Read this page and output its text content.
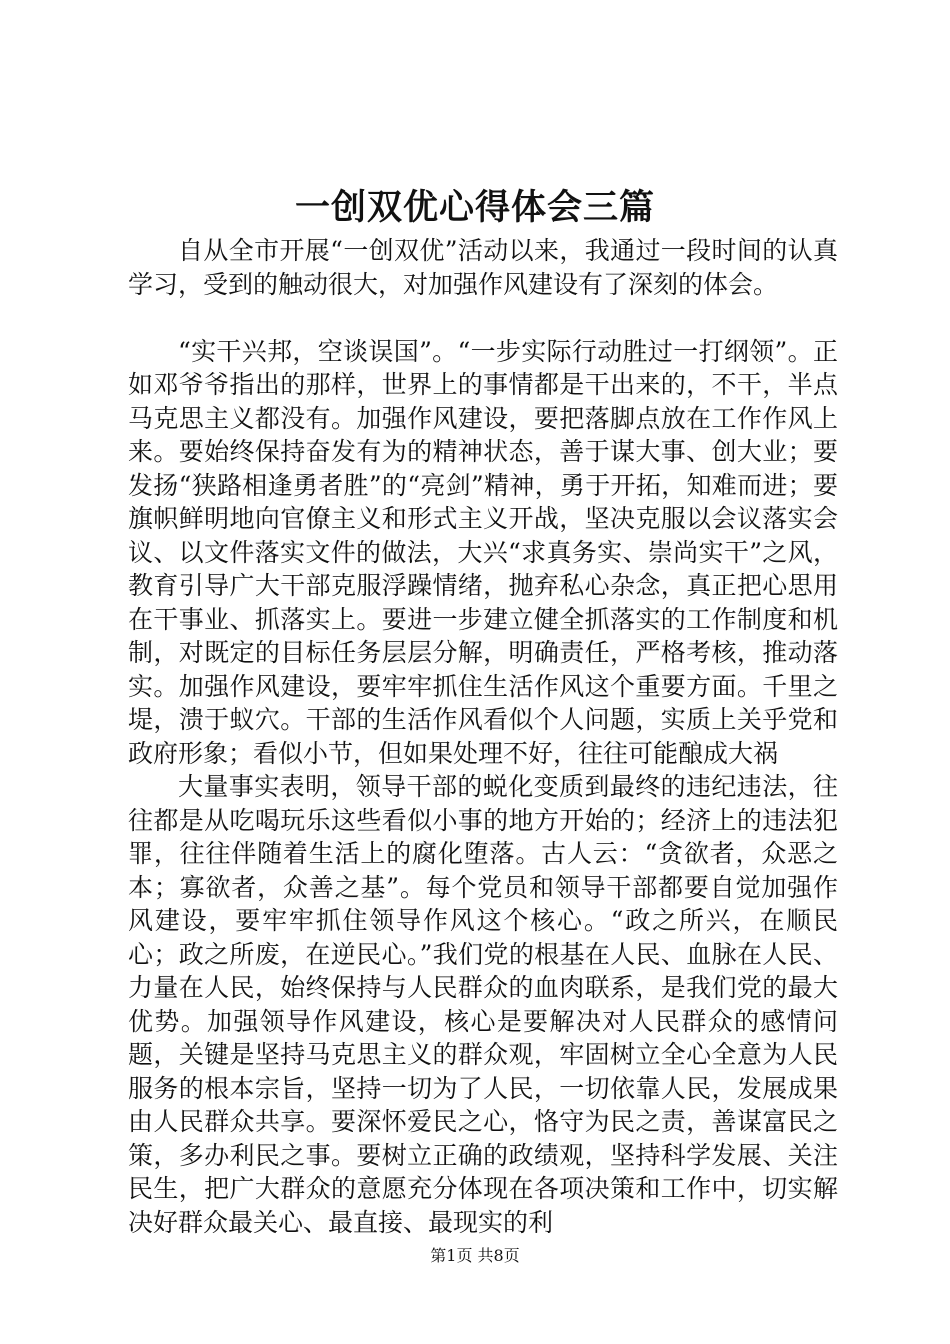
一创双优心得体会三篇

自从全市开展“一创双优”活动以来，我通过一段时间的认真学习，受到的触动很大，对加强作风建设有了深刻的体会。

“实干兴邦，空谈误国”。“一步实际行动胜过一打纲领”。正如邓爷爷指出的那样，世界上的事情都是干出来的，不干，半点马克思主义都没有。加强作风建设，要把落脚点放在工作作风上来。要始终保持奋发有为的精神状态，善于谋大事、创大业；要发扬“狭路相逢勇者胜”的“亮剑”精神，勇于开拓，知难而进；要旗帜鲜明地向官僚主义和形式主义开战，坚决克服以会议落实会议、以文件落实文件的做法，大兴“求真务实、崇尚实干”之风，教育引导广大干部克服浮躁情绪，抛弃私心杂念，真正把心思用在干事业、抓落实上。要进一步建立健全抓落实的工作制度和机制，对既定的目标任务层层分解，明确责任，严格考核，推动落实。加强作风建设，要牢牢抓住生活作风这个重要方面。千里之堤，溃于蚁穴。干部的生活作风看似个人问题，实质上关乎党和政府形象；看似小节，但如果处理不好，往往可能酿成大祸

大量事实表明，领导干部的蜕化变质到最终的违纪违法，往往都是从吃喝玩乐这些看似小事的地方开始的；经济上的违法犯罪，往往伴随着生活上的腐化堕落。古人云：“贪欲者，众恶之本；寡欲者，众善之基”。每个党员和领导干部都要自觉加强作风建设，要牢牢抓住领导作风这个核心。“政之所兴，在顺民心；政之所废，在逆民心。”我们党的根基在人民、血脉在人民、力量在人民，始终保持与人民群众的血肉联系，是我们党的最大优势。加强领导作风建设，核心是要解决对人民群众的感情问题，关键是坚持马克思主义的群众观，牢固树立全心全意为人民服务的根本宗旨，坚持一切为了人民，一切依靠人民，发展成果由人民群众共享。要深怀爱民之心，恪守为民之责，善谋富民之策，多办利民之事。要树立正确的政绩观，坚持科学发展、关注民生，把广大群众的意愿充分体现在各项决策和工作中，切实解决好群众最关心、最直接、最现实的利

第1页 共8页
